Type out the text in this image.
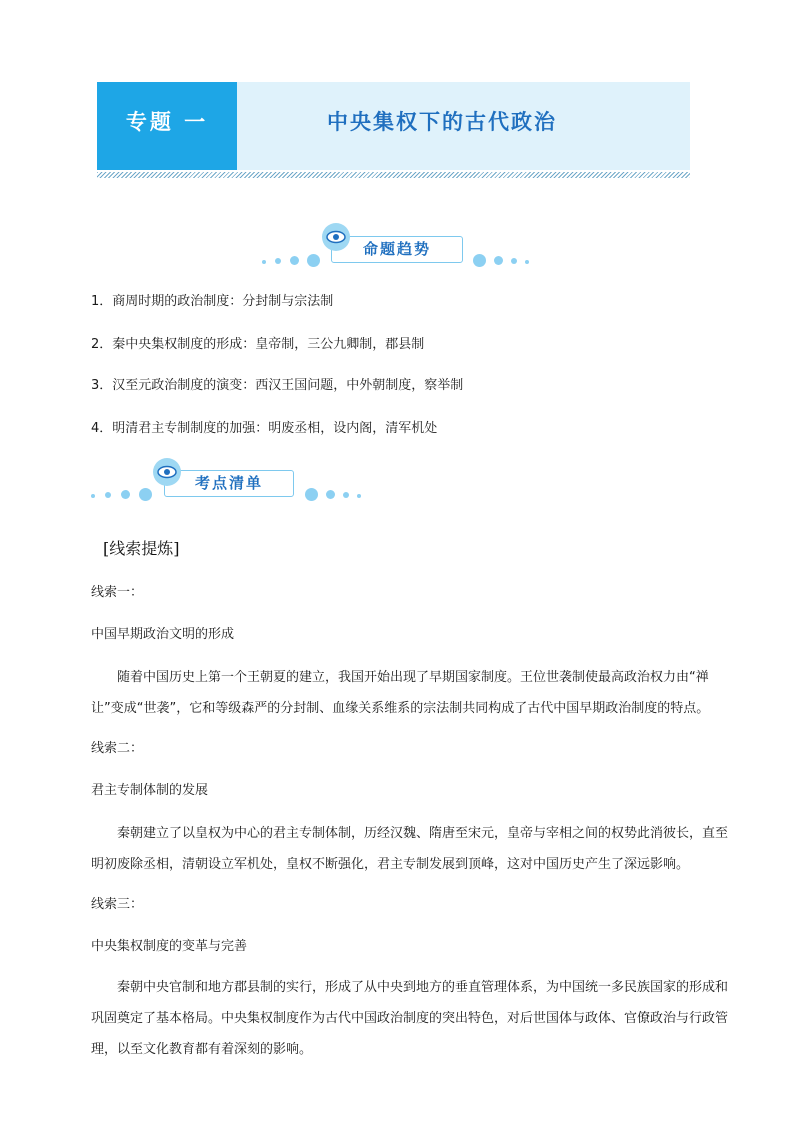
专题 一	中央集权下的古代政治
命题趋势
1．商周时期的政治制度：分封制与宗法制
2．秦中央集权制度的形成：皇帝制，三公九卿制，郡县制
3．汉至元政治制度的演变：西汉王国问题，中外朝制度，察举制
4．明清君主专制制度的加强：明废丞相，设内阁，清军机处
考点清单
[线索提炼]
线索一：
中国早期政治文明的形成
随着中国历史上第一个王朝夏的建立，我国开始出现了早期国家制度。王位世袭制使最高政治权力由“禅让”变成“世袭”，它和等级森严的分封制、血缘关系维系的宗法制共同构成了古代中国早期政治制度的特点。
线索二：
君主专制体制的发展
秦朝建立了以皇权为中心的君主专制体制，历经汉魏、隋唐至宋元，皇帝与宰相之间的权势此消彼长，直至明初废除丞相，清朝设立军机处，皇权不断强化，君主专制发展到顶峰，这对中国历史产生了深远影响。
线索三：
中央集权制度的变革与完善
秦朝中央官制和地方郡县制的实行，形成了从中央到地方的垂直管理体系，为中国统一多民族国家的形成和巩固奠定了基本格局。中央集权制度作为古代中国政治制度的突出特色，对后世国体与政体、官僚政治与行政管理，以至文化教育都有着深刻的影响。
